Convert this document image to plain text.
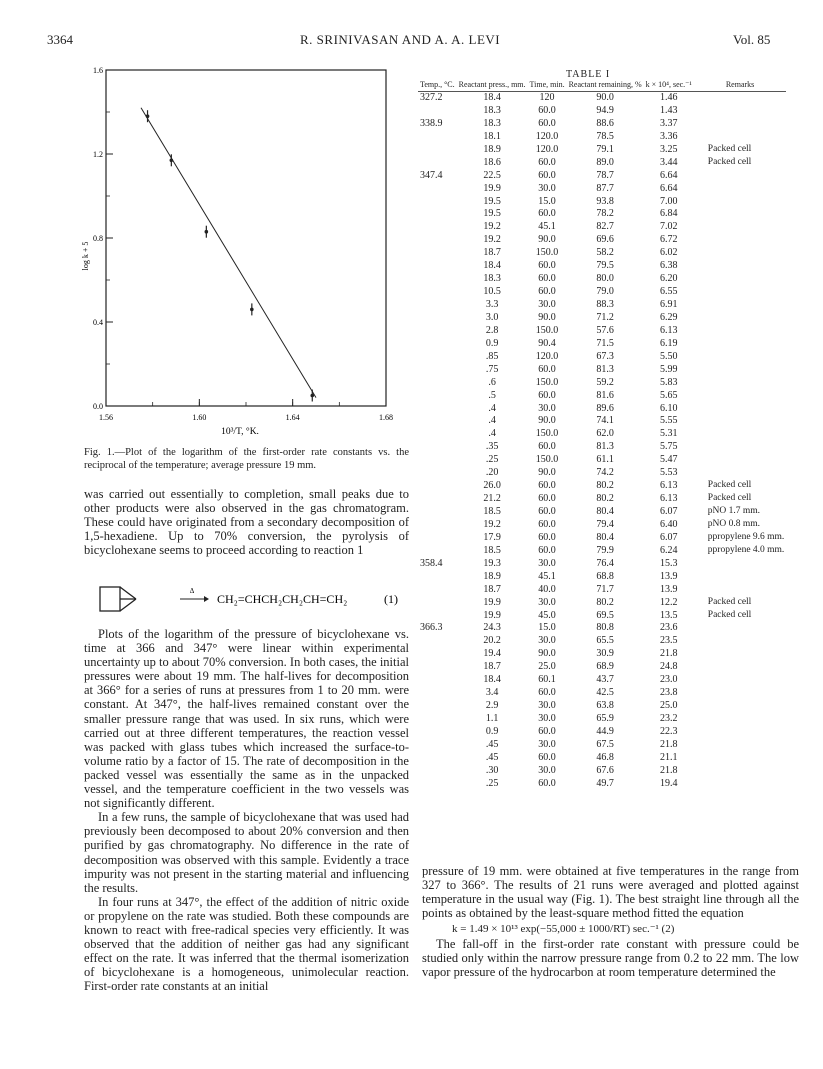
3364	R. SRINIVASAN AND A. A. LEVI	Vol. 85
1.56	1.60	1.64	1.68
0.0
0.4
0.8
1.2
1.6
10³/T, °K.
log k + 5
Fig. 1.—Plot of the logarithm of the first-order rate constants vs. the reciprocal of the temperature; average pressure 19 mm.

was carried out essentially to completion, small peaks due to other products were also observed in the gas chromatogram. These could have originated from a secondary decomposition of 1,5-hexadiene. Up to 70% conversion, the pyrolysis of bicyclohexane seems to proceed according to reaction 1

Δ
CH₂=CHCH₂CH₂CH=CH₂	(1)

Plots of the logarithm of the pressure of bicyclohexane vs. time at 366 and 347° were linear within experimental uncertainty up to about 70% conversion. In both cases, the initial pressures were about 19 mm. The half-lives for decomposition at 366° for a series of runs at pressures from 1 to 20 mm. were constant. At 347°, the half-lives remained constant over the smaller pressure range that was used. In six runs, which were carried out at three different temperatures, the reaction vessel was packed with glass tubes which increased the surface-to-volume ratio by a factor of 15. The rate of decomposition in the packed vessel was essentially the same as in the unpacked vessel, and the temperature coefficient in the two vessels was not significantly different.

In a few runs, the sample of bicyclohexane that was used had previously been decomposed to about 20% conversion and then purified by gas chromatography. No difference in the rate of decomposition was observed with this sample. Evidently a trace impurity was not present in the starting material and influencing the results.

In four runs at 347°, the effect of the addition of nitric oxide or propylene on the rate was studied. Both these compounds are known to react with free-radical species very efficiently. It was observed that the addition of neither gas had any significant effect on the rate. It was inferred that the thermal isomerization of bicyclohexane is a homogeneous, unimolecular reaction. First-order rate constants at an initial

TABLE I
Temp., °C.	Reactant press., mm.	Time, min.	Reactant remaining, %	k × 10⁴, sec.⁻¹	Remarks
327.2	18.4	120	90.0	1.46	
	18.3	60.0	94.9	1.43	
338.9	18.3	60.0	88.6	3.37	
	18.1	120.0	78.5	3.36	
	18.9	120.0	79.1	3.25	Packed cell
	18.6	60.0	89.0	3.44	Packed cell
347.4	22.5	60.0	78.7	6.64	
	19.9	30.0	87.7	6.64	
	19.5	15.0	93.8	7.00	
	19.5	60.0	78.2	6.84	
	19.2	45.1	82.7	7.02	
	19.2	90.0	69.6	6.72	
	18.7	150.0	58.2	6.02	
	18.4	60.0	79.5	6.38	
	18.3	60.0	80.0	6.20	
	10.5	60.0	79.0	6.55	
	3.3	30.0	88.3	6.91	
	3.0	90.0	71.2	6.29	
	2.8	150.0	57.6	6.13	
	0.9	90.4	71.5	6.19	
	.85	120.0	67.3	5.50	
	.75	60.0	81.3	5.99	
	.6	150.0	59.2	5.83	
	.5	60.0	81.6	5.65	
	.4	30.0	89.6	6.10	
	.4	90.0	74.1	5.55	
	.4	150.0	62.0	5.31	
	.35	60.0	81.3	5.75	
	.25	150.0	61.1	5.47	
	.20	90.0	74.2	5.53	
	26.0	60.0	80.2	6.13	Packed cell
	21.2	60.0	80.2	6.13	Packed cell
	18.5	60.0	80.4	6.07	pNO 1.7 mm.
	19.2	60.0	79.4	6.40	pNO 0.8 mm.
	17.9	60.0	80.4	6.07	ppropylene 9.6 mm.
	18.5	60.0	79.9	6.24	ppropylene 4.0 mm.
358.4	19.3	30.0	76.4	15.3	
	18.9	45.1	68.8	13.9	
	18.7	40.0	71.7	13.9	
	19.9	30.0	80.2	12.2	Packed cell
	19.9	45.0	69.5	13.5	Packed cell
366.3	24.3	15.0	80.8	23.6	
	20.2	30.0	65.5	23.5	
	19.4	90.0	30.9	21.8	
	18.7	25.0	68.9	24.8	
	18.4	60.1	43.7	23.0	
	3.4	60.0	42.5	23.8	
	2.9	30.0	63.8	25.0	
	1.1	30.0	65.9	23.2	
	0.9	60.0	44.9	22.3	
	.45	30.0	67.5	21.8	
	.45	60.0	46.8	21.1	
	.30	30.0	67.6	21.8	
	.25	60.0	49.7	19.4	
pressure of 19 mm. were obtained at five temperatures in the range from 327 to 366°. The results of 21 runs were averaged and plotted against temperature in the usual way (Fig. 1). The best straight line through all the points as obtained by the least-square method fitted the equation
k = 1.49 × 10¹³ exp(−55,000 ± 1000/RT) sec.⁻¹ (2)

The fall-off in the first-order rate constant with pressure could be studied only within the narrow pressure range from 0.2 to 22 mm. The low vapor pressure of the hydrocarbon at room temperature determined the
